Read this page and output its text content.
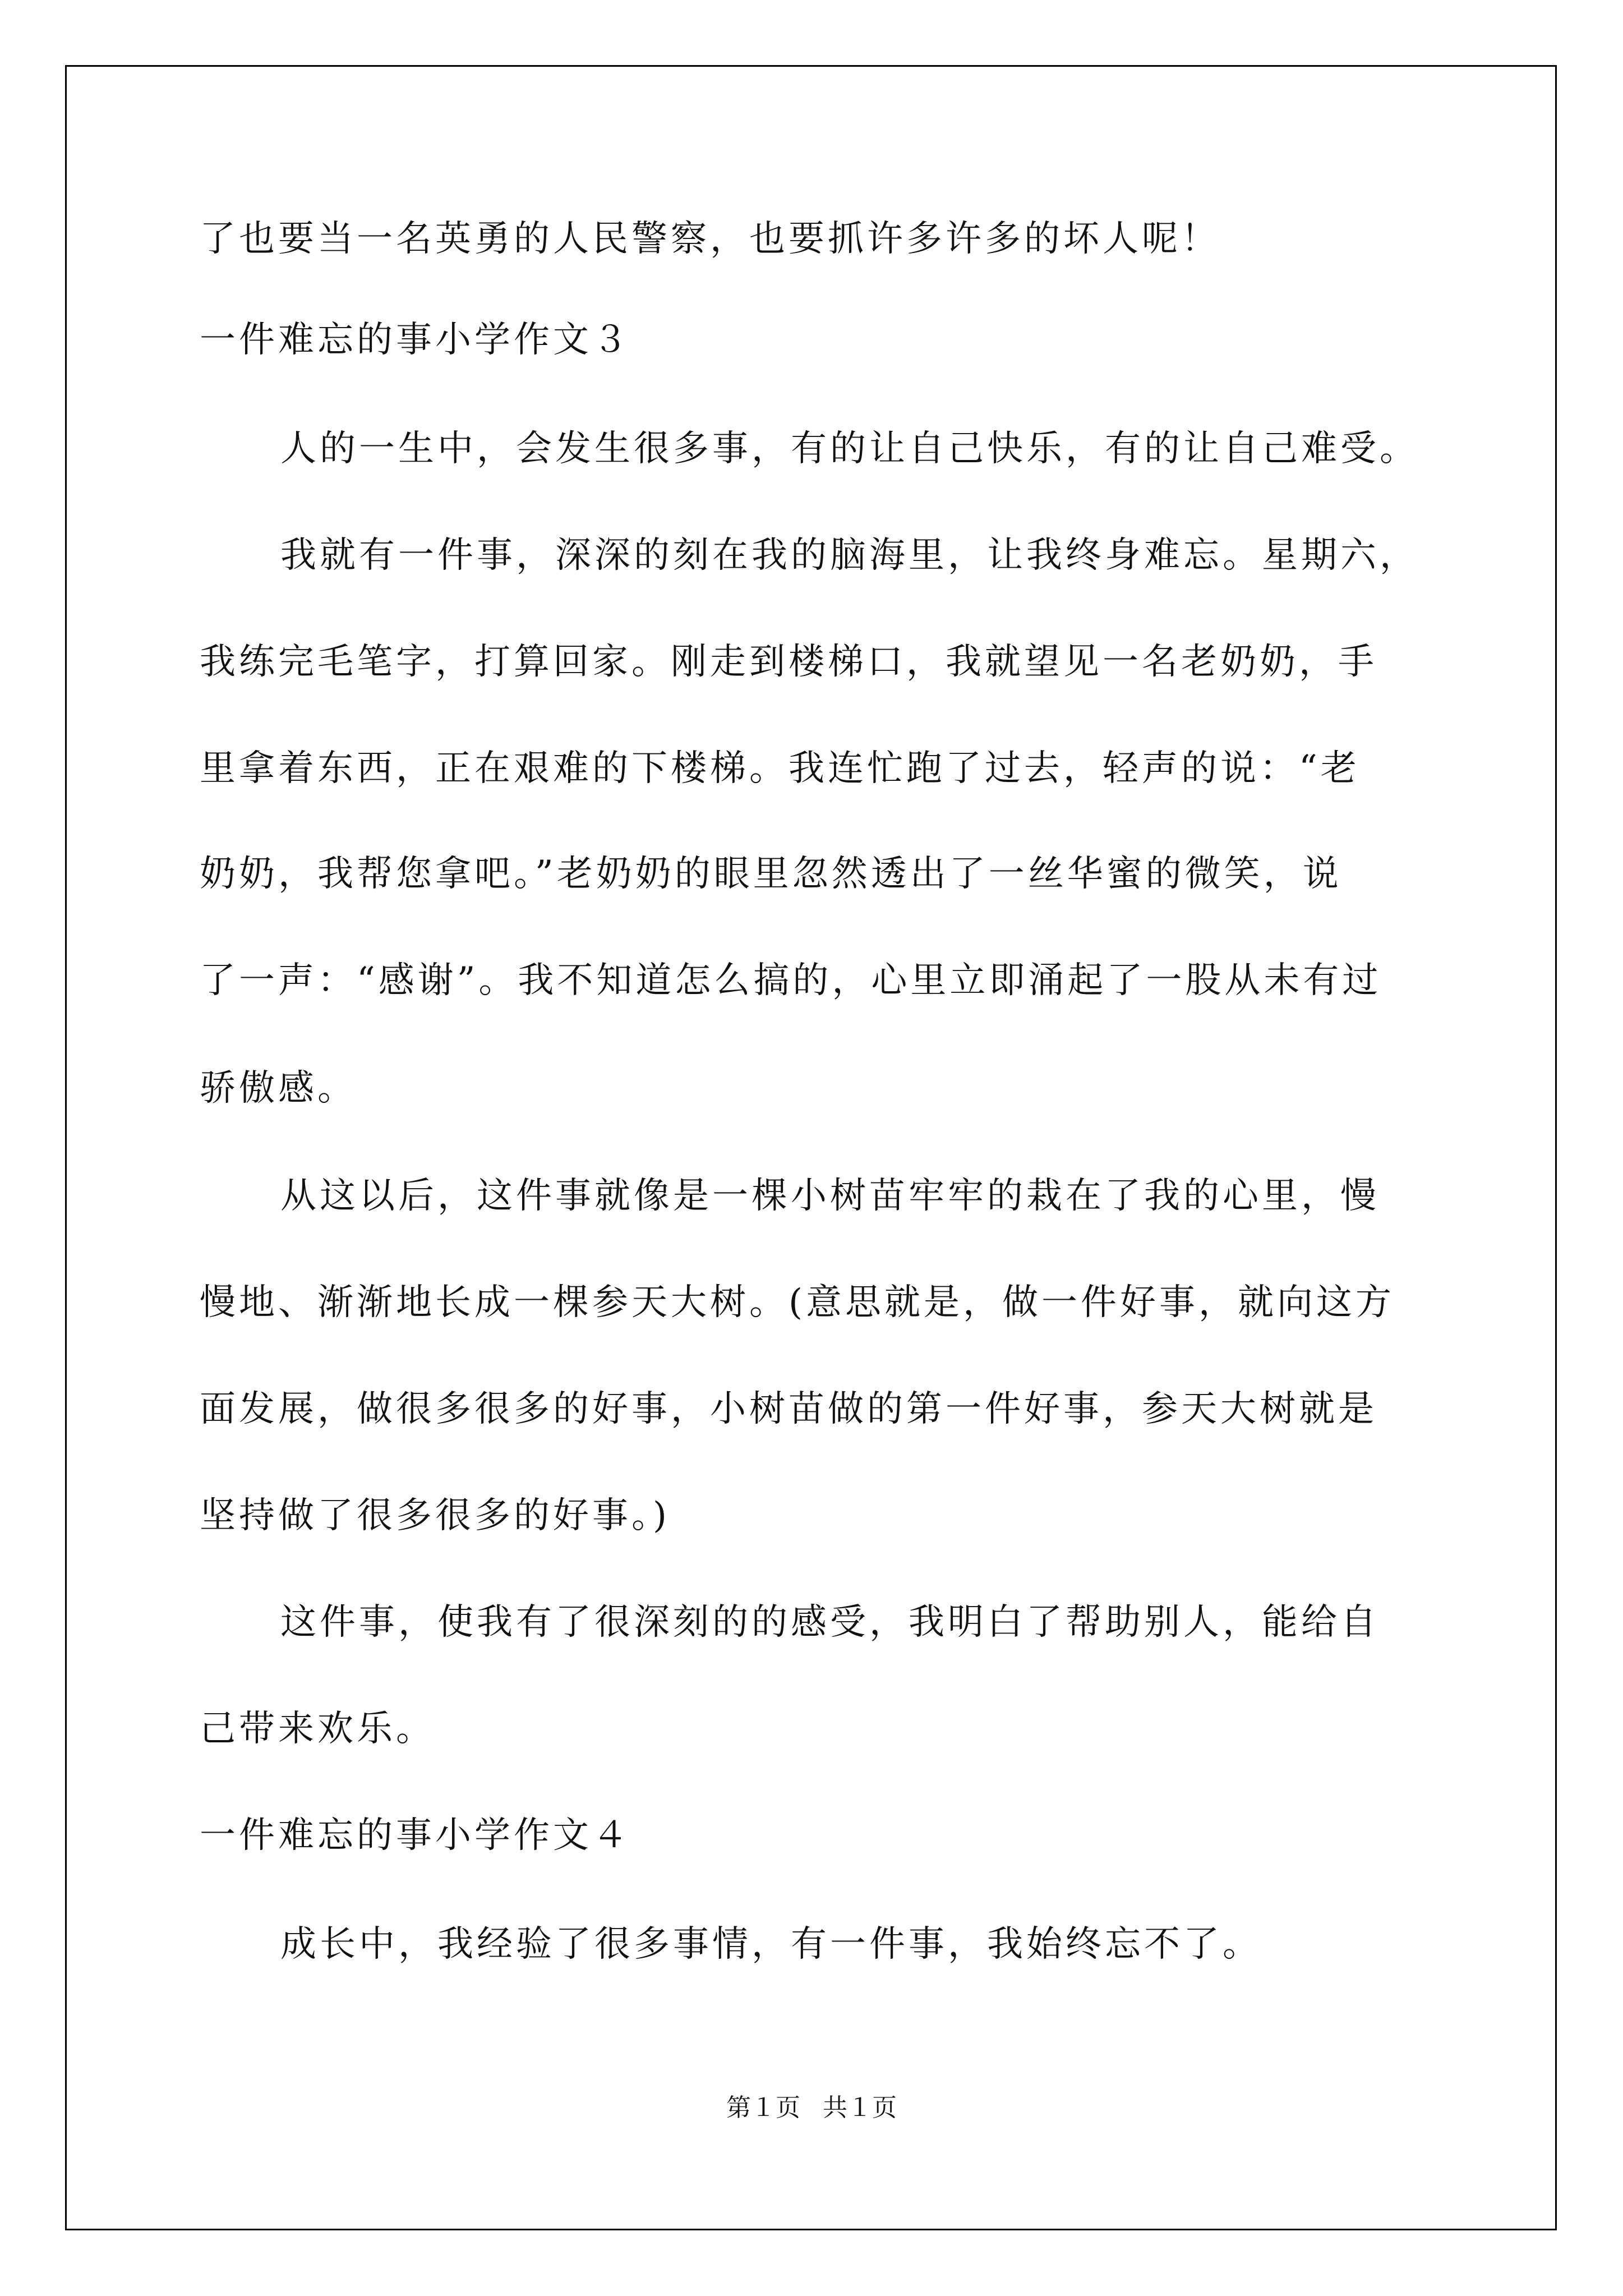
了也要当一名英勇的人民警察，也要抓许多许多的坏人呢！
一件难忘的事小学作文３
人的一生中，会发生很多事，有的让自己快乐，有的让自己难受。
我就有一件事，深深的刻在我的脑海里，让我终身难忘。星期六，
我练完毛笔字，打算回家。刚走到楼梯口，我就望见一名老奶奶，手
里拿着东西，正在艰难的下楼梯。我连忙跑了过去，轻声的说：“老
奶奶，我帮您拿吧。”老奶奶的眼里忽然透出了一丝华蜜的微笑，说
了一声：“感谢”。我不知道怎么搞的，心里立即涌起了一股从未有过
骄傲感。
从这以后，这件事就像是一棵小树苗牢牢的栽在了我的心里，慢
慢地、渐渐地长成一棵参天大树。(意思就是，做一件好事，就向这方
面发展，做很多很多的好事，小树苗做的第一件好事，参天大树就是
坚持做了很多很多的好事。)
这件事，使我有了很深刻的的感受，我明白了帮助别人，能给自
己带来欢乐。
一件难忘的事小学作文４
成长中，我经验了很多事情，有一件事，我始终忘不了。
第１页 共１页
